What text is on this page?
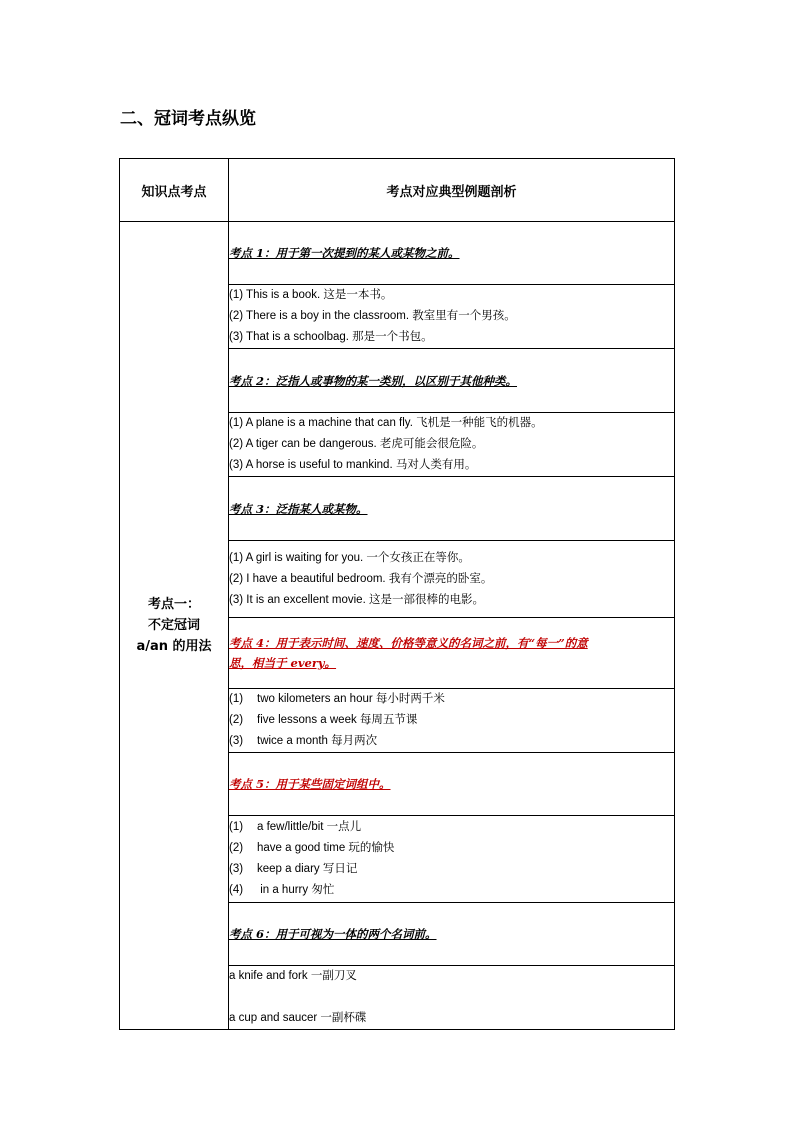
二、冠词考点纵览
知识点考点	考点对应典型例题剖析

考点一：
不定冠词
a/an 的用法	考点 1：用于第一次提到的某人或某物之前。

	(1) This is a book. 这是一本书。
(2) There is a boy in the classroom. 教室里有一个男孩。
(3) That is a schoolbag. 那是一个书包。

	考点 2：泛指人或事物的某一类别，以区别于其他种类。

	(1) A plane is a machine that can fly. 飞机是一种能飞的机器。
(2) A tiger can be dangerous. 老虎可能会很危险。
(3) A horse is useful to mankind. 马对人类有用。

	考点 3：泛指某人或某物。

	(1) A girl is waiting for you. 一个女孩正在等你。
(2) I have a beautiful bedroom. 我有个漂亮的卧室。
(3) It is an excellent movie. 这是一部很棒的电影。

	考点 4：用于表示时间、速度、价格等意义的名词之前，有“每一”的意
思，相当于 every。

	(1) two kilometers an hour 每小时两千米
(2) five lessons a week 每周五节课
(3) twice a month 每月两次

	考点 5：用于某些固定词组中。

	(1) a few/little/bit 一点儿
(2) have a good time 玩的愉快
(3) keep a diary 写日记
(4) in a hurry 匆忙

	考点 6：用于可视为一体的两个名词前。

	a knife and fork 一副刀叉
a cup and saucer 一副杯碟
